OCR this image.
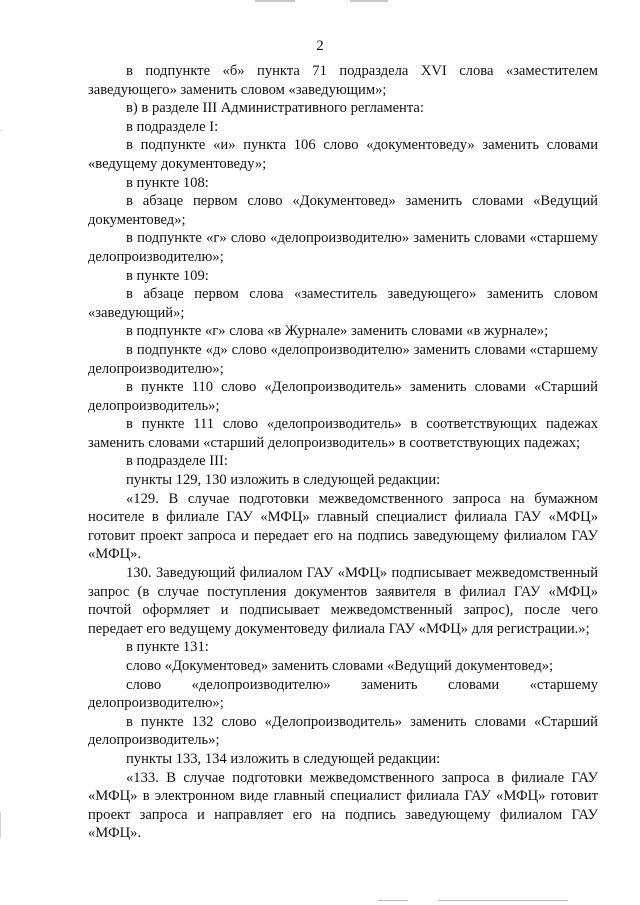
2

в подпункте «б» пункта 71 подраздела XVI слова «заместителем заведующего» заменить словом «заведующим»;

в) в разделе III Административного регламента:

в подразделе I:

в подпункте «и» пункта 106 слово «документоведу» заменить словами «ведущему документоведу»;

в пункте 108:

в абзаце первом слово «Документовед» заменить словами «Ведущий документовед»;

в подпункте «г» слово «делопроизводителю» заменить словами «старшему делопроизводителю»;

в пункте 109:

в абзаце первом слова «заместитель заведующего» заменить словом «заведующий»;

в подпункте «г» слова «в Журнале» заменить словами «в журнале»;

в подпункте «д» слово «делопроизводителю» заменить словами «старшему делопроизводителю»;

в пункте 110 слово «Делопроизводитель» заменить словами «Старший делопроизводитель»;

в пункте 111 слово «делопроизводитель» в соответствующих падежах заменить словами «старший делопроизводитель» в соответствующих падежах;

в подразделе III:

пункты 129, 130 изложить в следующей редакции:

«129. В случае подготовки межведомственного запроса на бумажном носителе в филиале ГАУ «МФЦ» главный специалист филиала ГАУ «МФЦ» готовит проект запроса и передает его на подпись заведующему филиалом ГАУ «МФЦ».

130. Заведующий филиалом ГАУ «МФЦ» подписывает межведомственный запрос (в случае поступления документов заявителя в филиал ГАУ «МФЦ» почтой оформляет и подписывает межведомственный запрос), после чего передает его ведущему документоведу филиала ГАУ «МФЦ» для регистрации.»;

в пункте 131:

слово «Документовед» заменить словами «Ведущий документовед»;

слово «делопроизводителю» заменить словами «старшему делопроизводителю»;

в пункте 132 слово «Делопроизводитель» заменить словами «Старший делопроизводитель»;

пункты 133, 134 изложить в следующей редакции:

«133. В случае подготовки межведомственного запроса в филиале ГАУ «МФЦ» в электронном виде главный специалист филиала ГАУ «МФЦ» готовит проект запроса и направляет его на подпись заведующему филиалом ГАУ «МФЦ».
